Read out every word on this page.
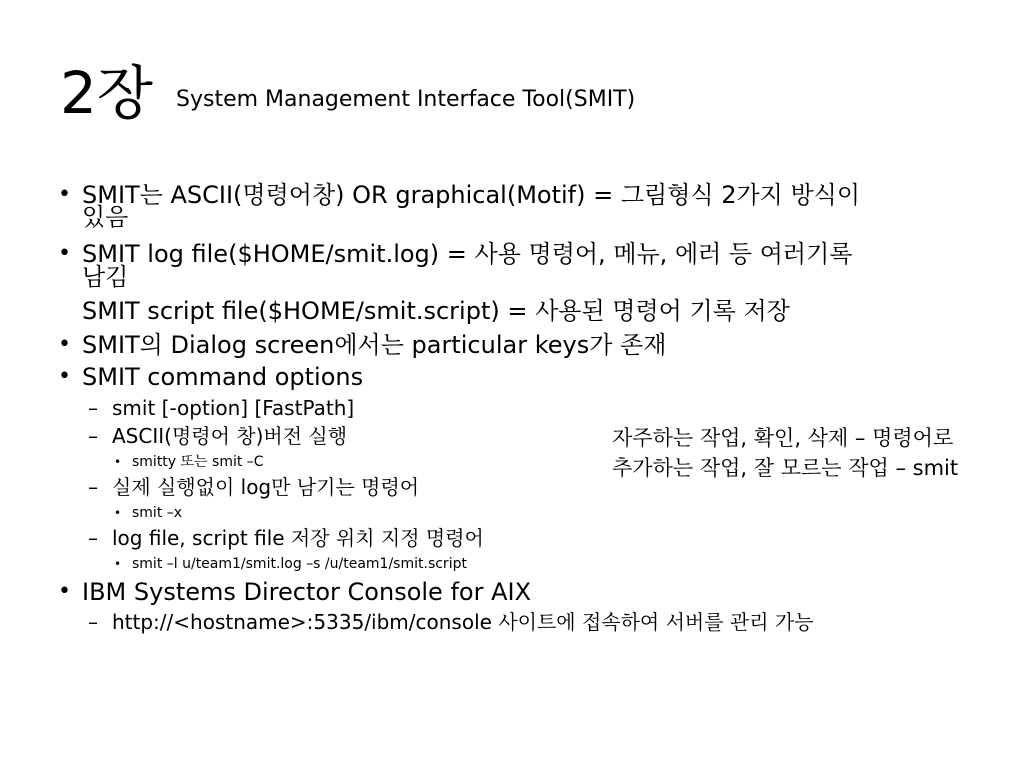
2장 System Management Interface Tool(SMIT)
• SMIT는 ASCII(명령어창) OR graphical(Motif) = 그림형식 2가지 방식이
있음
• SMIT log file($HOME/smit.log) = 사용 명령어, 메뉴, 에러 등 여러기록
남김
SMIT script file($HOME/smit.script) = 사용된 명령어 기록 저장
• SMIT의 Dialog screen에서는 particular keys가 존재
• SMIT command options
– smit [-option] [FastPath]
– ASCII(명령어 창)버전 실행
• smitty 또는 smit –C
– 실제 실행없이 log만 남기는 명령어
• smit –x
– log file, script file 저장 위치 지정 명령어
• smit –l u/team1/smit.log –s /u/team1/smit.script
• IBM Systems Director Console for AIX
– http://<hostname>:5335/ibm/console 사이트에 접속하여 서버를 관리 가능
자주하는 작업, 확인, 삭제 – 명령어로
추가하는 작업, 잘 모르는 작업 – smit
